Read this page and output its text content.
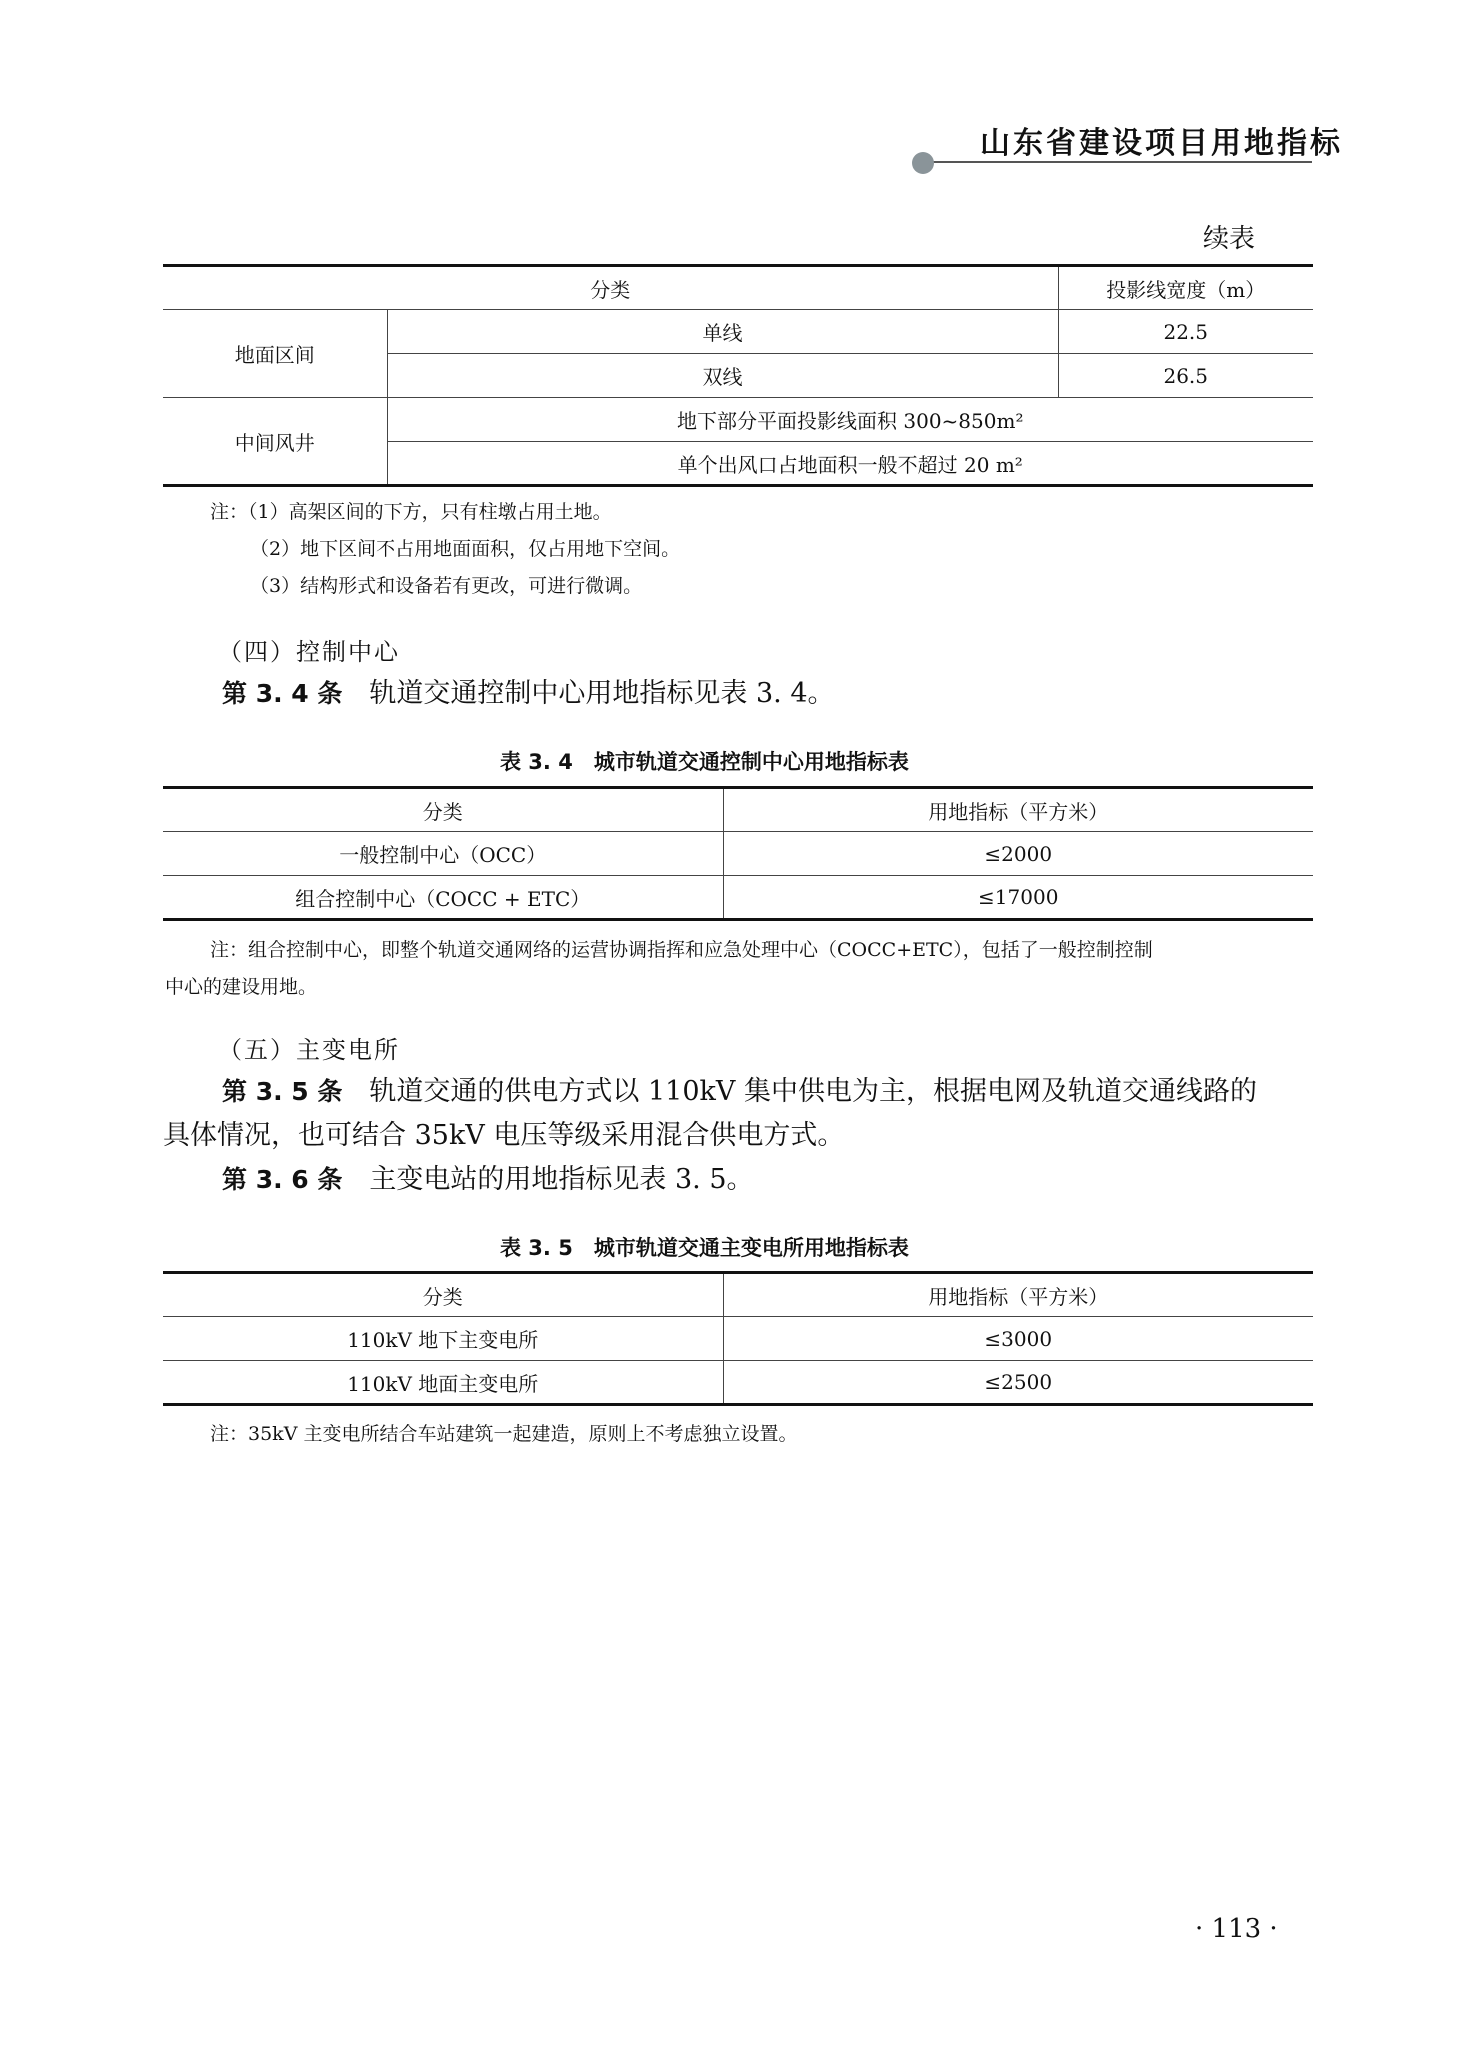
山东省建设项目用地指标
续表
分类		投影线宽度（m）
地面区间	单线	22.5
	双线	26.5
中间风井	地下部分平面投影线面积 300~850m²	
	单个出风口占地面积一般不超过 20 m²	
注：（1）高架区间的下方，只有柱墩占用土地。
（2）地下区间不占用地面面积，仅占用地下空间。
（3）结构形式和设备若有更改，可进行微调。
（四）控制中心
第 3. 4 条　 轨道交通控制中心用地指标见表 3. 4。
表 3. 4　城市轨道交通控制中心用地指标表
分类	用地指标（平方米）
一般控制中心（OCC）	≤2000
组合控制中心（COCC + ETC）	≤17000
注：组合控制中心，即整个轨道交通网络的运营协调指挥和应急处理中心（COCC+ETC），包括了一般控制控制
中心的建设用地。
（五）主变电所
第 3. 5 条　 轨道交通的供电方式以 110kV 集中供电为主，根据电网及轨道交通线路的
具体情况，也可结合 35kV 电压等级采用混合供电方式。
第 3. 6 条　 主变电站的用地指标见表 3. 5。
表 3. 5　城市轨道交通主变电所用地指标表
分类	用地指标（平方米）
110kV 地下主变电所	≤3000
110kV 地面主变电所	≤2500
注：35kV 主变电所结合车站建筑一起建造，原则上不考虑独立设置。
· 113 ·
